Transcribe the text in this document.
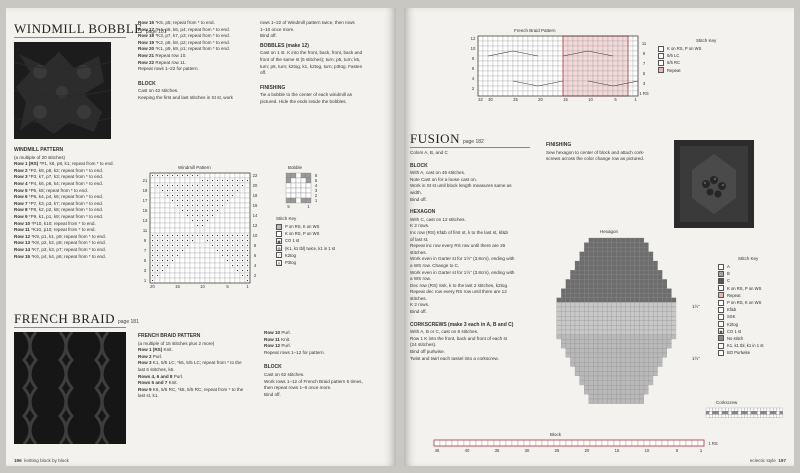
WINDMILL BOBBLE page 181
WINDMILL PATTERN
(a multiple of 20 stitches)
Row 1 (RS) *P1, k8, p8, k1; repeat from * to end.
Row 2 *P2, k8, p8, k2; repeat from * to end.
Row 3 *P3, k7, p7, k3; repeat from * to end.
Row 4 *P4, k6, p6, k4; repeat from * to end.
Row 5 *P5, k5; repeat from * to end.
Row 6 *P6, k4, p4, k6; repeat from * to end.
Row 7 *P7, k3, p3, k7; repeat from * to end.
Row 8 *P8, k2, p2, k8; repeat from * to end.
Row 9 *P9, k1, p1, k9; repeat from * to end.
Row 10 *P10, k10; repeat from * to end.
Row 11 *K10, p10; repeat from * to end.
Row 12 *K9, p1, k1, p9; repeat from * to end.
Row 13 *K8, p2, k2, p8; repeat from * to end.
Row 14 *K7, p3, k3, p7; repeat from * to end.
Row 15 *K6, p4, k4, p6; repeat from * to end.
Row 16 *K5, p5; repeat from * to end.
Row 17 *K4, p6, k6, p4; repeat from * to end.
Row 18 *K3, p7, k7, p3; repeat from * to end.
Row 19 *K2, p8, k8, p2; repeat from * to end.
Row 20 *K1, p9, k9, p1; repeat from * to end.
Row 21 Repeat row 10.
Row 22 Repeat row 11.
Repeat rows 1–22 for pattern.
BLOCK
Cast on 42 stitches.
Keeping the first and last stitches in St st, work
rows 1–22 of Windmill pattern twice, then rows
1–10 once more.
Bind off.
BOBBLES (make 12)
Cast on 1 st. K into the front, back, front, back and
front of the same st (5 stitches); turn; p5, turn; k5,
turn; p5, turn; k2tog, k1, k2tog, turn; p3tog. Fasten
off.
FINISHING
Tie a bobble to the center of each windmill as
pictured. Hide the ends inside the bobbles.
Windmill Pattern
22
21
20
19
18
17
16
15
14
13
12
11
10
9
8
7
6
5
4
3
2
1
20	15	10	5	1
Bobble
6
5
4
3
2
1
5	1
Stitch Key
P on RS, K on WS
K on RS, P on WS
◉ CO 1 st
⊕	(K1, k1 tbl) twice, k1 in 1 st
⟋	K2tog
⋀	P3tog
FRENCH BRAID page 181
FRENCH BRAID PATTERN
(a multiple of 15 stitches plus 2 more)
Row 1 (RS) Knit.
Row 2 Purl.
Row 3 K1, 5/5 LC; *k5, 5/5 LC; repeat from * to the
last 6 stitches, k6.
Rows 4, 6 and 8 Purl.
Rows 5 and 7 Knit.
Row 9 K6, 5/5 RC, *k5, 5/5 RC; repeat from * to the
last st, k1.
Row 10 Purl.
Row 11 Knit.
Row 12 Purl.
Repeat rows 1–12 for pattern.
BLOCK
Cast on 62 stitches.
Work rows 1–12 of French Braid pattern 5 times,
then repeat rows 1–6 once more.
Bind off.
196 knitting block by block
French Braid Pattern
12
11
10
9
8
7
6
5
4
3
2
1 RS
32 30	25	20	15	10	5	1
Stitch Key
K on RS, P on WS
5/5 LC
5/5 RC
Repeat
FUSION page 182
Colors A, B, and C
BLOCK
With A, cast on 45 stitches.
Note Cast on for a loose cast on.
Work in St st until block length measures same as
width.
Bind off.
HEXAGON
With C, cast on 12 stitches.
K 2 rows.
Inc row (RS) Kf&b of first st, k to the last st, kf&b
of last st.
Repeat inc row every RS row until there are 26
stitches.
Work even in Garter st for 1½" (3.8cm), ending with
a WS row. Change to C.
Work even in Garter st for 1½" (3.8cm), ending with
a WS row.
Dec row (RS) Ssk, k to the last 2 stitches, k2tog.
Repeat dec row every RS row until there are 12
stitches.
K 2 rows.
Bind off.
CORKSCREWS (make 3 each in A, B and C)
With A, B or C, cast on 8 stitches.
Row 1 K into the front, back and front of each st
(24 stitches).
Bind off purlwise.
Twist and twirl each tassel into a corkscrew.
FINISHING
Sew hexagon to center of block and attach cork-
screws across the color change row as pictured.
Hexagon
1½"
1½"
Stitch Key
A
B
C
K on RS, P on WS
Repeat
P on RS, K on WS
Kf&b
SSK
K2tog
◉ CO 1 st
No stitch
K1, k1 tbl, k1 in 1 st
BO Purlwise
Corkscrew
Block
1 RS
45	40	35	30	25	20	15	10	5	1
eclectic style 197
